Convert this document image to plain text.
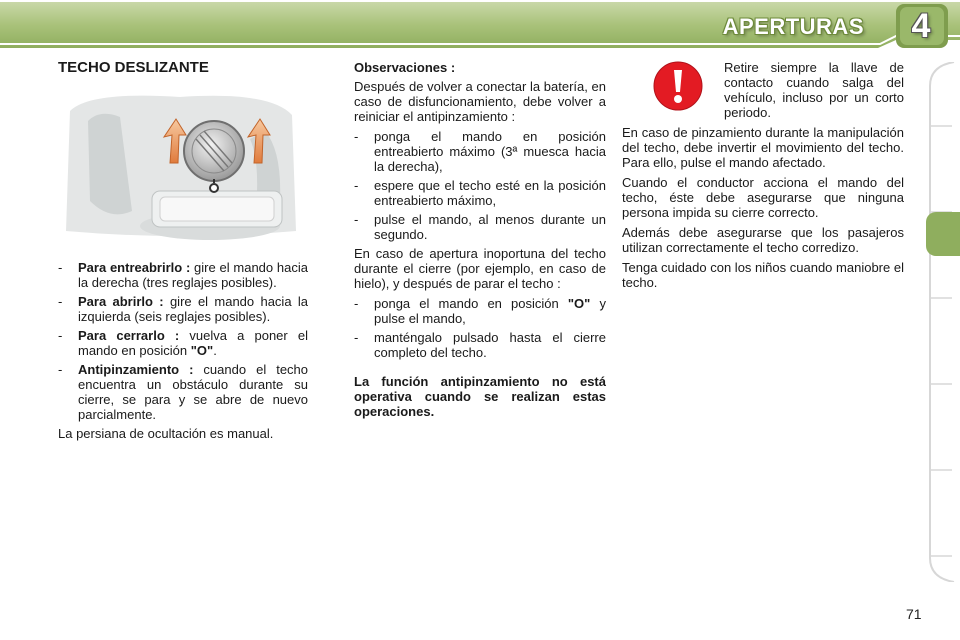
APERTURAS 4
TECHO DESLIZANTE
-	Para entreabrirlo : gire el mando hacia la derecha (tres reglajes posibles).
-	Para abrirlo : gire el mando hacia la izquierda (seis reglajes posibles).
-	Para cerrarlo : vuelva a poner el mando en posición "O".
-	Antipinzamiento : cuando el techo encuentra un obstáculo durante su cierre, se para y se abre de nuevo parcialmente.

La persiana de ocultación es manual.

Observaciones :

Después de volver a conectar la batería, en caso de disfuncionamiento, debe volver a reiniciar el antipinzamiento :

-	ponga el mando en posición entreabierto máximo (3ª muesca hacia la derecha),
-	espere que el techo esté en la posición entreabierto máximo,
-	pulse el mando, al menos durante un segundo.

En caso de apertura inoportuna del techo durante el cierre (por ejemplo, en caso de hielo), y después de parar el techo :

-	ponga el mando en posición "O" y pulse el mando,
-	manténgalo pulsado hasta el cierre completo del techo.
La función antipinzamiento no está operativa cuando se realizan estas operaciones.
Retire siempre la llave de contacto cuando salga del vehículo, incluso por un corto periodo.

En caso de pinzamiento durante la manipulación del techo, debe invertir el movimiento del techo. Para ello, pulse el mando afectado.

Cuando el conductor acciona el mando del techo, éste debe asegurarse que ninguna persona impida su cierre correcto.

Además debe asegurarse que los pasajeros utilizan correctamente el techo corredizo.

Tenga cuidado con los niños cuando maniobre el techo.

71
